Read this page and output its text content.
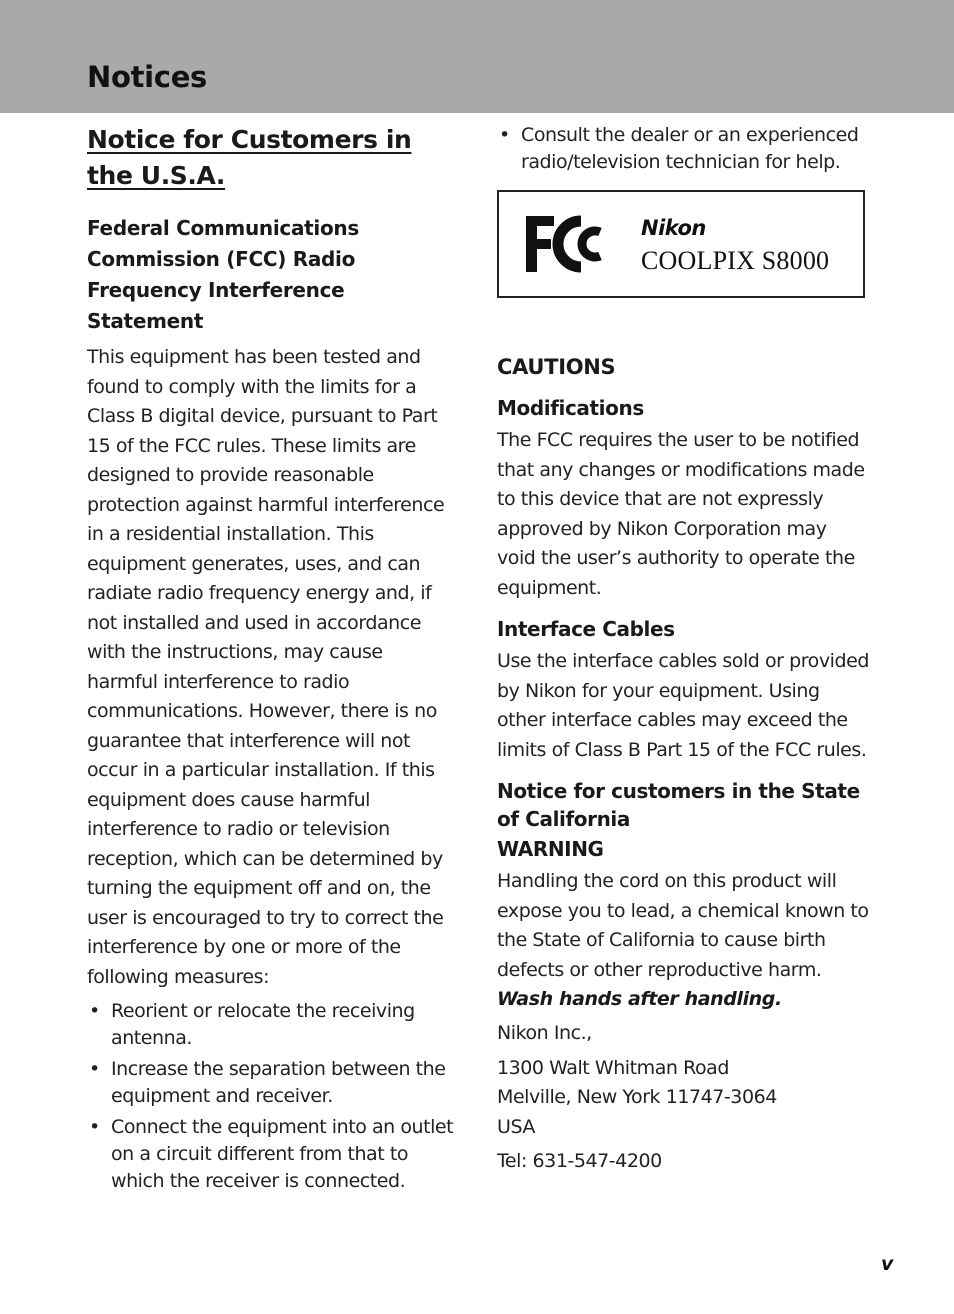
Notices
Notice for Customers in the U.S.A.
Federal Communications Commission (FCC) Radio Frequency Interference Statement

This equipment has been tested and found to comply with the limits for a Class B digital device, pursuant to Part 15 of the FCC rules. These limits are designed to provide reasonable protection against harmful interference in a residential installation. This equipment generates, uses, and can radiate radio frequency energy and, if not installed and used in accordance with the instructions, may cause harmful interference to radio communications. However, there is no guarantee that interference will not occur in a particular installation. If this equipment does cause harmful interference to radio or television reception, which can be determined by turning the equipment off and on, the user is encouraged to try to correct the interference by one or more of the following measures:

• Reorient or relocate the receiving antenna.
• Increase the separation between the equipment and receiver.
• Connect the equipment into an outlet on a circuit different from that to which the receiver is connected.
• Consult the dealer or an experienced radio/television technician for help.
Nikon
COOLPIX S8000
CAUTIONS
Modifications

The FCC requires the user to be notified that any changes or modifications made to this device that are not expressly approved by Nikon Corporation may void the user’s authority to operate the equipment.

Interface Cables

Use the interface cables sold or provided by Nikon for your equipment. Using other interface cables may exceed the limits of Class B Part 15 of the FCC rules.

Notice for customers in the State of California
WARNING

Handling the cord on this product will expose you to lead, a chemical known to the State of California to cause birth defects or other reproductive harm.

Wash hands after handling.

Nikon Inc.,

1300 Walt Whitman Road

Melville, New York 11747-3064

USA

Tel: 631-547-4200

v
